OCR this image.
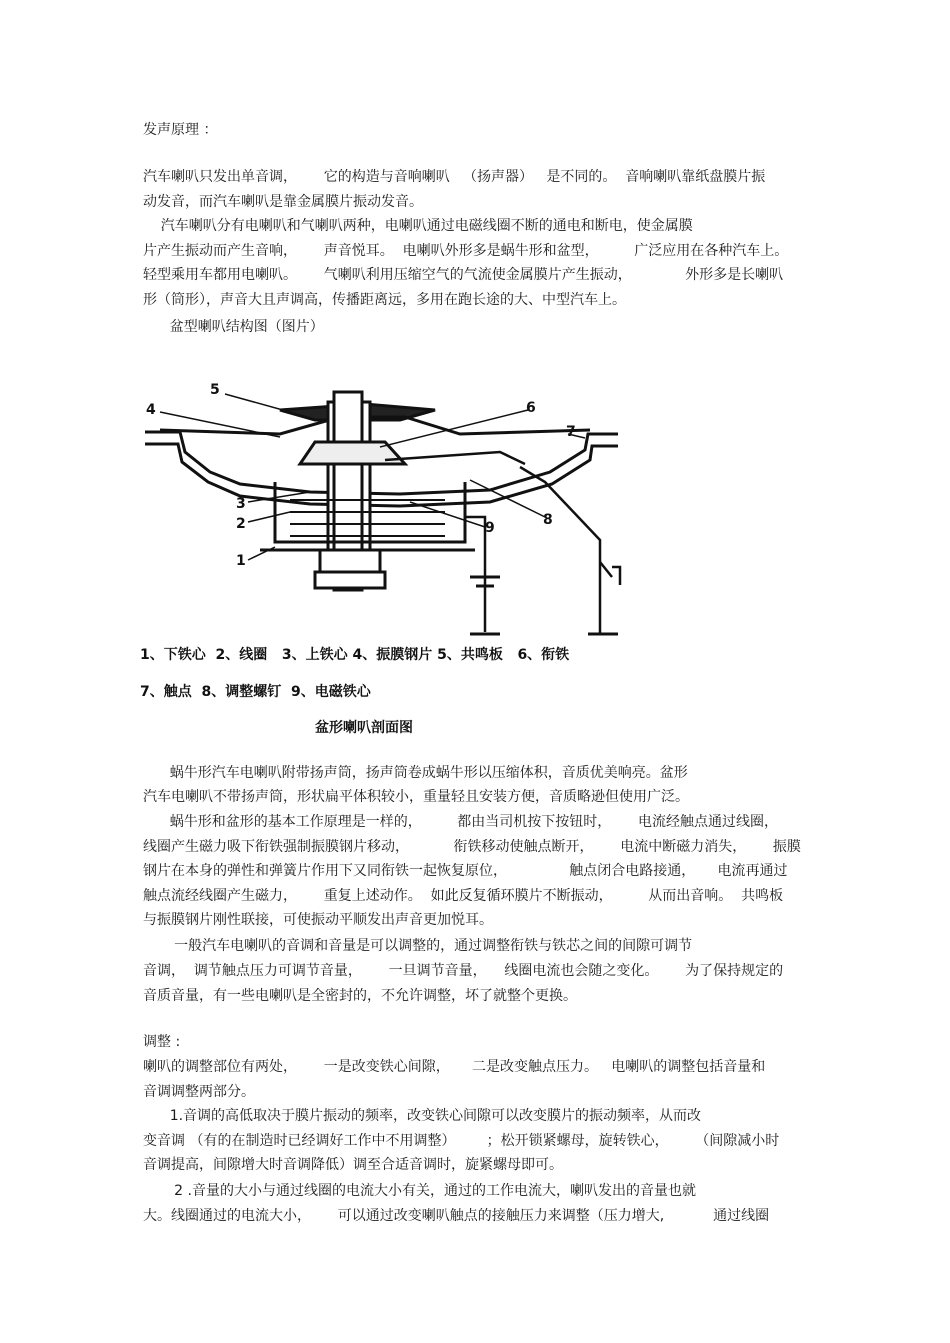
发声原理 ：
汽车喇叭只发出单音调，      它的构造与音响喇叭   （扬声器）   是不同的。  音响喇叭靠纸盘膜片振
动发音，而汽车喇叭是靠金属膜片振动发音。
汽车喇叭分有电喇叭和气喇叭两种，电喇叭通过电磁线圈不断的通电和断电，使金属膜
片产生振动而产生音响，      声音悦耳。  电喇叭外形多是蜗牛形和盆型，        广泛应用在各种汽车上。
轻型乘用车都用电喇叭。      气喇叭利用压缩空气的气流使金属膜片产生振动，            外形多是长喇叭
形（筒形），声音大且声调高，传播距离远，多用在跑长途的大、中型汽车上。
盆型喇叭结构图（图片）
4
5
6
7
8
9
3
2
1
1、下铁心  2、线圈   3、上铁心 4、振膜钢片 5、共鸣板   6、衔铁
7、触点  8、调整螺钉  9、电磁铁心
盆形喇叭剖面图
蜗牛形汽车电喇叭附带扬声筒，扬声筒卷成蜗牛形以压缩体积，音质优美响亮。盆形
汽车电喇叭不带扬声筒，形状扁平体积较小，重量轻且安装方便，音质略逊但使用广泛。
蜗牛形和盆形的基本工作原理是一样的，        都由当司机按下按钮时，      电流经触点通过线圈，
线圈产生磁力吸下衔铁强制振膜钢片移动，          衔铁移动使触点断开，      电流中断磁力消失，      振膜
钢片在本身的弹性和弹簧片作用下又同衔铁一起恢复原位，              触点闭合电路接通，     电流再通过
触点流经线圈产生磁力，      重复上述动作。  如此反复循环膜片不断振动，        从而出音响。  共鸣板
与振膜钢片刚性联接，可使振动平顺发出声音更加悦耳。
一般汽车电喇叭的音调和音量是可以调整的，通过调整衔铁与铁芯之间的间隙可调节
音调，  调节触点压力可调节音量，      一旦调节音量，    线圈电流也会随之变化。      为了保持规定的
音质音量，有一些电喇叭是全密封的，不允许调整，坏了就整个更换。
调整 :
喇叭的调整部位有两处，      一是改变铁心间隙，     二是改变触点压力。   电喇叭的调整包括音量和
音调调整两部分。
1.音调的高低取决于膜片振动的频率，改变铁心间隙可以改变膜片的振动频率，从而改
变音调 （有的在制造时已经调好工作中不用调整）       ；松开锁紧螺母，旋转铁心，      （间隙减小时
音调提高，间隙增大时音调降低）调至合适音调时，旋紧螺母即可。
2 .音量的大小与通过线圈的电流大小有关，通过的工作电流大，喇叭发出的音量也就
大。线圈通过的电流大小，      可以通过改变喇叭触点的接触压力来调整（压力增大,           通过线圈
